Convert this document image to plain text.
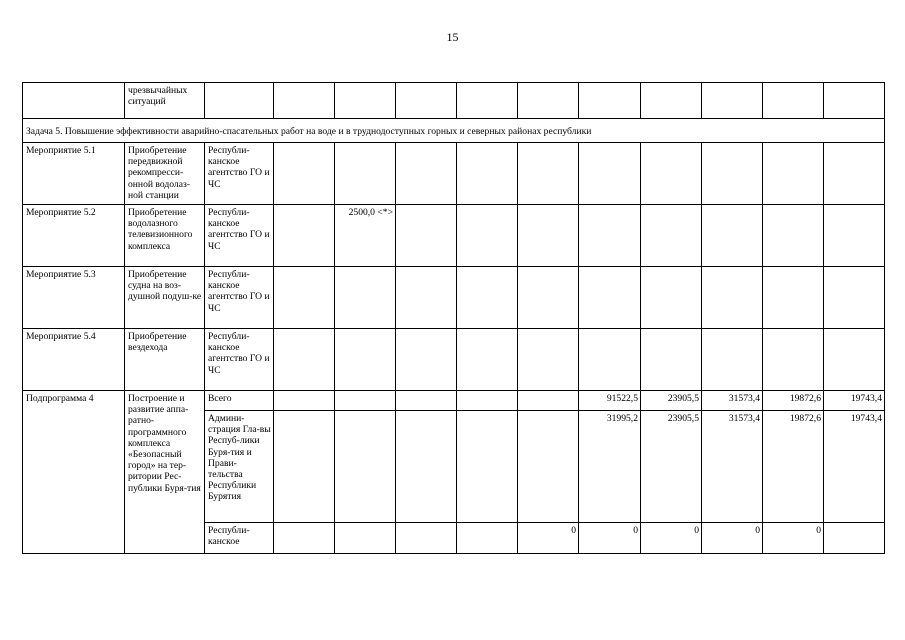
15
	чрезвычайных ситуаций											
Задача 5. Повышение эффективности аварийно-спасательных работ на воде и в труднодоступных горных и северных районах республики												
Мероприятие 5.1	Приобретение передвижной рекомпресси-онной водолаз-ной станции	Республи-канское агентство ГО и ЧС										
Мероприятие 5.2	Приобретение водолазного телевизионного комплекса	Республи-канское агентство ГО и ЧС		2500,0 <*>								
Мероприятие 5.3	Приобретение судна на воз-душной подуш-ке	Республи-канское агентство ГО и ЧС										
Мероприятие 5.4	Приобретение вездехода	Республи-канское агентство ГО и ЧС										
Подпрограмма 4	Построение и развитие аппа-ратно-программного комплекса «Безопасный город» на тер-ритории Рес-публики Буря-тия	Всего						91522,5	23905,5	31573,4	19872,6	19743,4
		Админи-страция Гла-вы Респуб-лики Буря-тия и Прави-тельства Республики Бурятия						31995,2	23905,5	31573,4	19872,6	19743,4
		Республи-канское					0	0	0	0	0	
